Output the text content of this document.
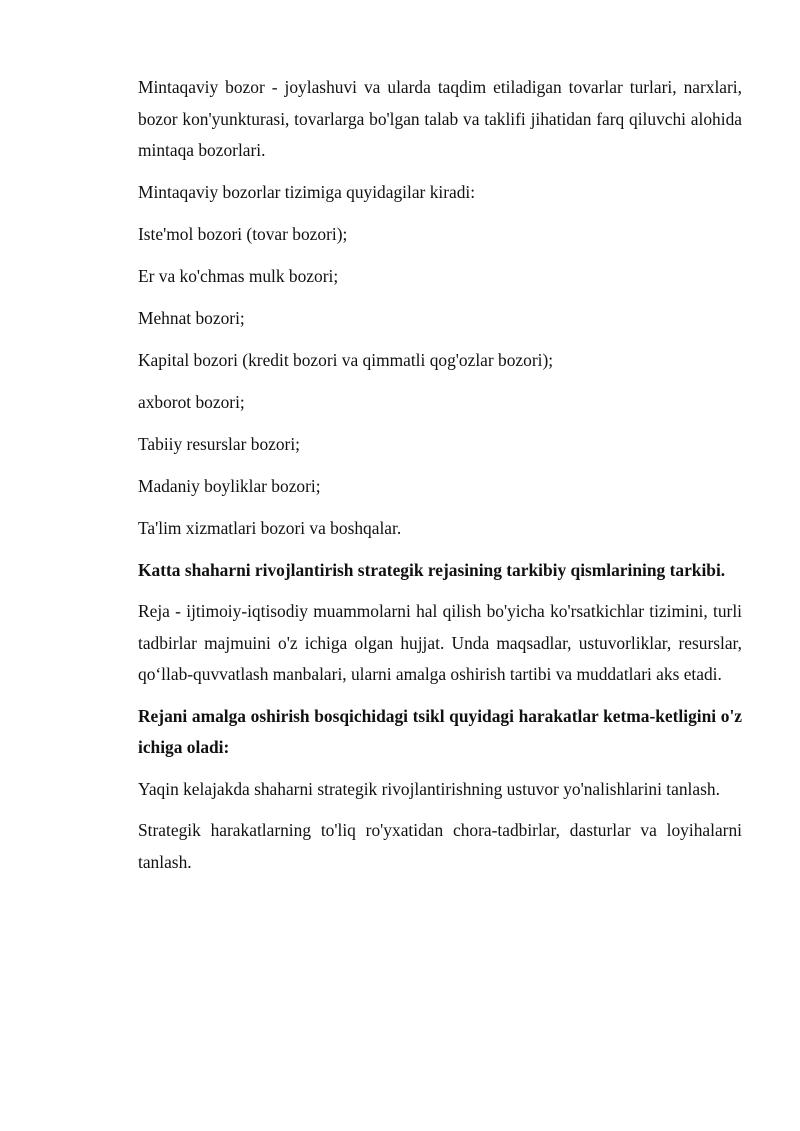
Mintaqaviy bozor - joylashuvi va ularda taqdim etiladigan tovarlar turlari, narxlari, bozor kon'yunkturasi, tovarlarga bo'lgan talab va taklifi jihatidan farq qiluvchi alohida mintaqa bozorlari.

Mintaqaviy bozorlar tizimiga quyidagilar kiradi:

Iste'mol bozori (tovar bozori);

Er va ko'chmas mulk bozori;

Mehnat bozori;

Kapital bozori (kredit bozori va qimmatli qog'ozlar bozori);

axborot bozori;

Tabiiy resurslar bozori;

Madaniy boyliklar bozori;

Ta'lim xizmatlari bozori va boshqalar.

Katta shaharni rivojlantirish strategik rejasining tarkibiy qismlarining tarkibi.

Reja - ijtimoiy-iqtisodiy muammolarni hal qilish bo'yicha ko'rsatkichlar tizimini, turli tadbirlar majmuini o'z ichiga olgan hujjat. Unda maqsadlar, ustuvorliklar, resurslar, qo‘llab-quvvatlash manbalari, ularni amalga oshirish tartibi va muddatlari aks etadi.

Rejani amalga oshirish bosqichidagi tsikl quyidagi harakatlar ketma-ketligini o'z ichiga oladi:

Yaqin kelajakda shaharni strategik rivojlantirishning ustuvor yo'nalishlarini tanlash.

Strategik harakatlarning to'liq ro'yxatidan chora-tadbirlar, dasturlar va loyihalarni tanlash.
